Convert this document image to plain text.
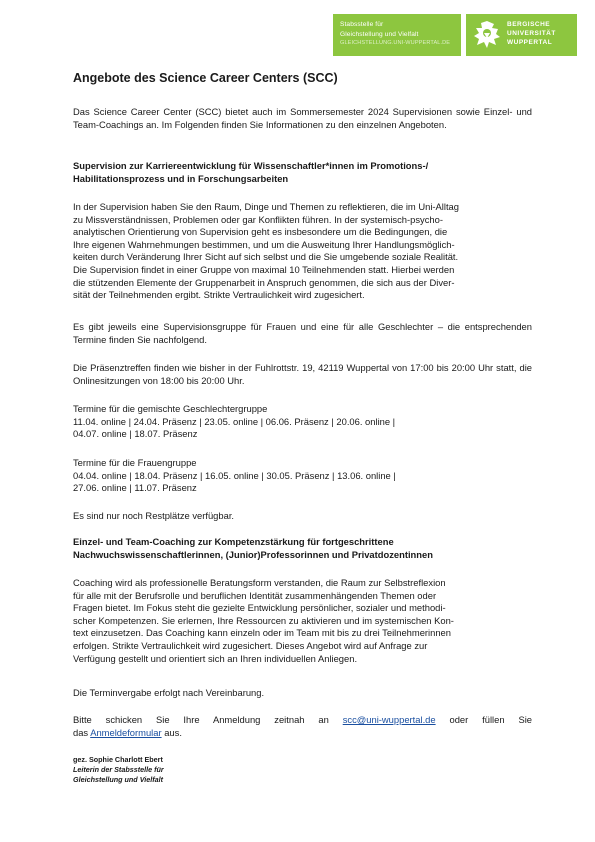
Stabsstelle für
Gleichstellung und Vielfalt
GLEICHSTELLUNG.UNI-WUPPERTAL.DE
BERGISCHE
UNIVERSITÄT
WUPPERTAL
Angebote des Science Career Centers (SCC)

Das Science Career Center (SCC) bietet auch im Sommersemester 2024 Supervisionen sowie Einzel- und Team-Coachings an. Im Folgenden finden Sie Informationen zu den einzelnen Angeboten.

Supervision zur Karriereentwicklung für Wissenschaftler*innen im Promotions-/
Habilitationsprozess und in Forschungsarbeiten
In der Supervision haben Sie den Raum, Dinge und Themen zu reflektieren, die im Uni-Alltag
zu Missverständnissen, Problemen oder gar Konflikten führen. In der systemisch-psycho-
analytischen Orientierung von Supervision geht es insbesondere um die Bedingungen, die
Ihre eigenen Wahrnehmungen bestimmen, und um die Ausweitung Ihrer Handlungsmöglich-
keiten durch Veränderung Ihrer Sicht auf sich selbst und die Sie umgebende soziale Realität.
Die Supervision findet in einer Gruppe von maximal 10 Teilnehmenden statt. Hierbei werden
die stützenden Elemente der Gruppenarbeit in Anspruch genommen, die sich aus der Diver-
sität der Teilnehmenden ergibt. Strikte Vertraulichkeit wird zugesichert.

Es gibt jeweils eine Supervisionsgruppe für Frauen und eine für alle Geschlechter – die entsprechenden Termine finden Sie nachfolgend.

Die Präsenztreffen finden wie bisher in der Fuhlrottstr. 19, 42119 Wuppertal von 17:00 bis 20:00 Uhr statt, die Onlinesitzungen von 18:00 bis 20:00 Uhr.

Termine für die gemischte Geschlechtergruppe
11.04. online | 24.04. Präsenz | 23.05. online | 06.06. Präsenz | 20.06. online |
04.07. online | 18.07. Präsenz
Termine für die Frauengruppe
04.04. online | 18.04. Präsenz | 16.05. online | 30.05. Präsenz | 13.06. online |
27.06. online | 11.07. Präsenz

Es sind nur noch Restplätze verfügbar.

Einzel- und Team-Coaching zur Kompetenzstärkung für fortgeschrittene
Nachwuchswissenschaftlerinnen, (Junior)Professorinnen und Privatdozentinnen
Coaching wird als professionelle Beratungsform verstanden, die Raum zur Selbstreflexion
für alle mit der Berufsrolle und beruflichen Identität zusammenhängenden Themen oder
Fragen bietet. Im Fokus steht die gezielte Entwicklung persönlicher, sozialer und methodi-
scher Kompetenzen. Sie erlernen, Ihre Ressourcen zu aktivieren und im systemischen Kon-
text einzusetzen. Das Coaching kann einzeln oder im Team mit bis zu drei Teilnehmerinnen
erfolgen. Strikte Vertraulichkeit wird zugesichert. Dieses Angebot wird auf Anfrage zur
Verfügung gestellt und orientiert sich an Ihren individuellen Anliegen.

Die Terminvergabe erfolgt nach Vereinbarung.

Bitte schicken Sie Ihre Anmeldung zeitnah an scc@uni-wuppertal.de oder füllen Sie
das Anmeldeformular aus.
gez. Sophie Charlott Ebert
Leiterin der Stabsstelle für
Gleichstellung und Vielfalt
